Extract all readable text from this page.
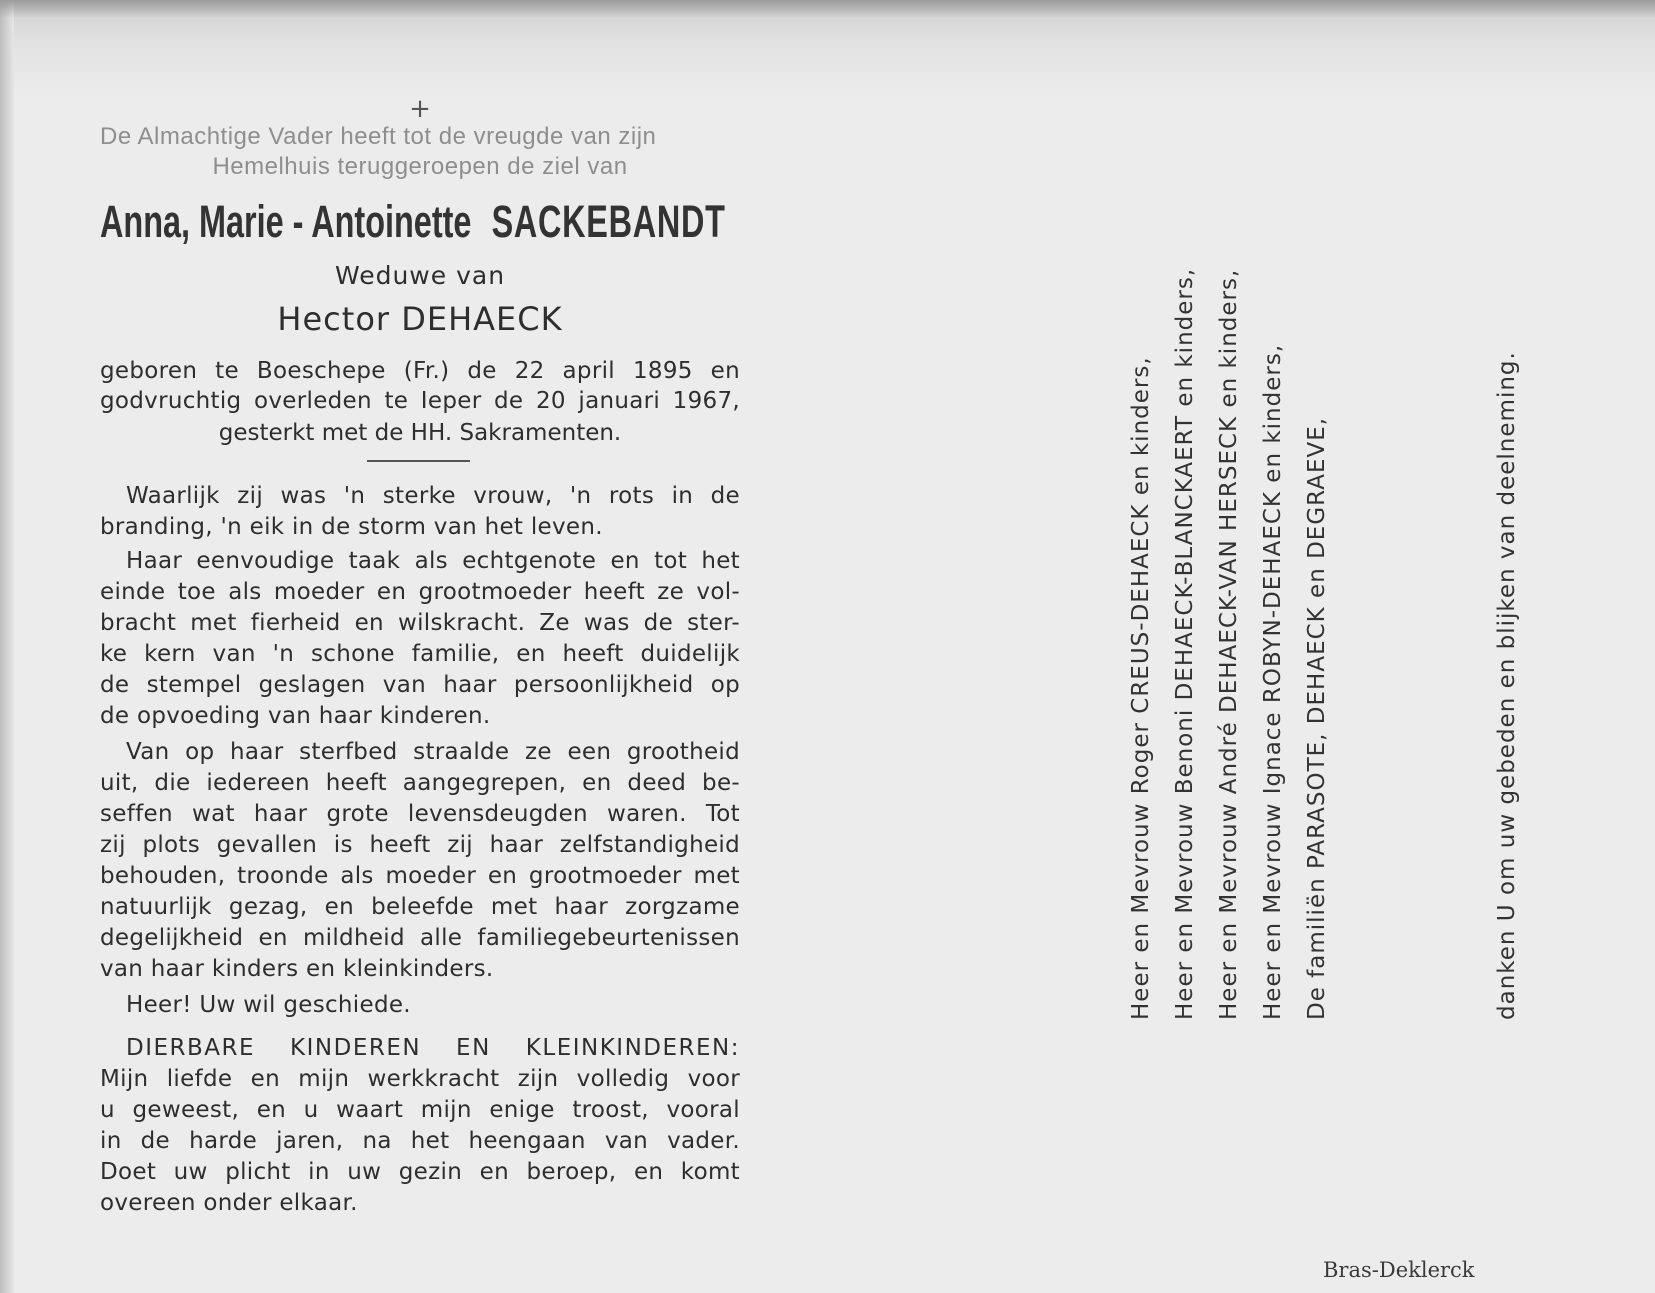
+
De Almachtige Vader heeft tot de vreugde van zijn
Hemelhuis teruggeroepen de ziel van
Anna, Marie - Antoinette SACKEBANDT
Weduwe van
Hector DEHAECK
geboren te Boeschepe (Fr.) de 22 april 1895 en
godvruchtig overleden te Ieper de 20 januari 1967,
gesterkt met de HH. Sakramenten.
Waarlijk zij was 'n sterke vrouw, 'n rots in de
branding, 'n eik in de storm van het leven.
Haar eenvoudige taak als echtgenote en tot het
einde toe als moeder en grootmoeder heeft ze vol-
bracht met fierheid en wilskracht. Ze was de ster-
ke kern van 'n schone familie, en heeft duidelijk
de stempel geslagen van haar persoonlijkheid op
de opvoeding van haar kinderen.
Van op haar sterfbed straalde ze een grootheid
uit, die iedereen heeft aangegrepen, en deed be-
seffen wat haar grote levensdeugden waren. Tot
zij plots gevallen is heeft zij haar zelfstandigheid
behouden, troonde als moeder en grootmoeder met
natuurlijk gezag, en beleefde met haar zorgzame
degelijkheid en mildheid alle familiegebeurtenissen
van haar kinders en kleinkinders.
Heer! Uw wil geschiede.
DIERBARE KINDEREN EN KLEINKINDEREN:
Mijn liefde en mijn werkkracht zijn volledig voor
u geweest, en u waart mijn enige troost, vooral
in de harde jaren, na het heengaan van vader.
Doet uw plicht in uw gezin en beroep, en komt
overeen onder elkaar.
Heer en Mevrouw Roger CREUS-DEHAECK en kinders, Heer en Mevrouw Benoni DEHAECK-BLANCKAERT en kinders, Heer en Mevrouw André DEHAECK-VAN HERSECK en kinders, Heer en Mevrouw Ignace ROBYN-DEHAECK en kinders, De familiën PARASOTE, DEHAECK en DEGRAEVE,	danken U om uw gebeden en blijken van deelneming.
Bras-Deklerck
